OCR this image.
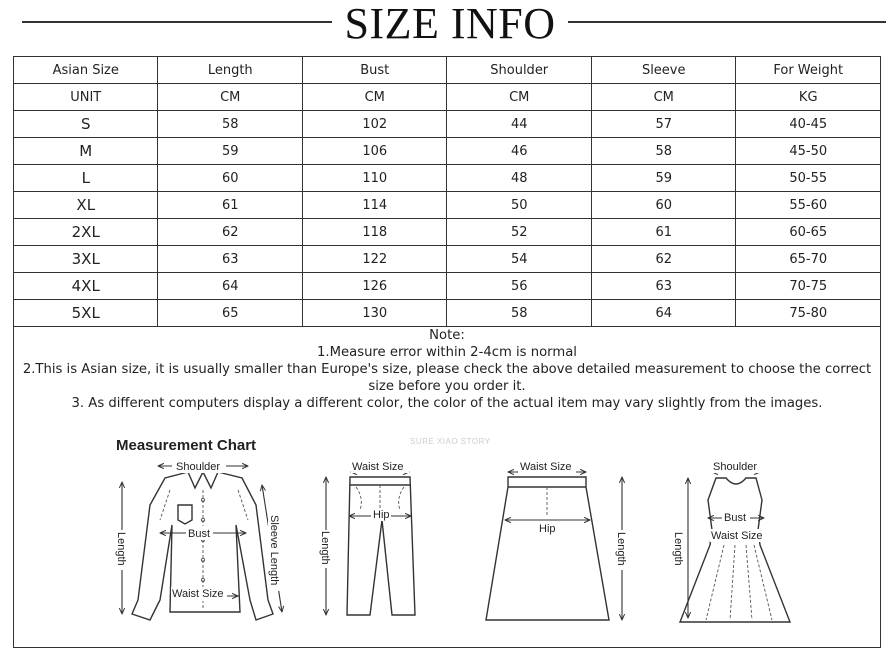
SIZE INFO
Asian Size	Length	Bust	Shoulder	Sleeve	For Weight
UNIT	CM	CM	CM	CM	KG
S	58	102	44	57	40-45
M	59	106	46	58	45-50
L	60	110	48	59	50-55
XL	61	114	50	60	55-60
2XL	62	118	52	61	60-65
3XL	63	122	54	62	65-70
4XL	64	126	56	63	70-75
5XL	65	130	58	64	75-80
Note:
1.Measure error within 2-4cm is normal
2.This is Asian size, it is usually smaller than Europe's size, please check the above detailed measurement to choose the correct size before you order it.
3. As different computers display a different color, the color of the actual item may vary slightly from the images.
Measurement Chart	SURE XIAO STORY
Shoulder
Bust
Waist Size
Length	Sleeve Length
Waist Size
Hip
Length
Waist Size
Hip
Length
Shoulder
Bust
Waist Size
Length
